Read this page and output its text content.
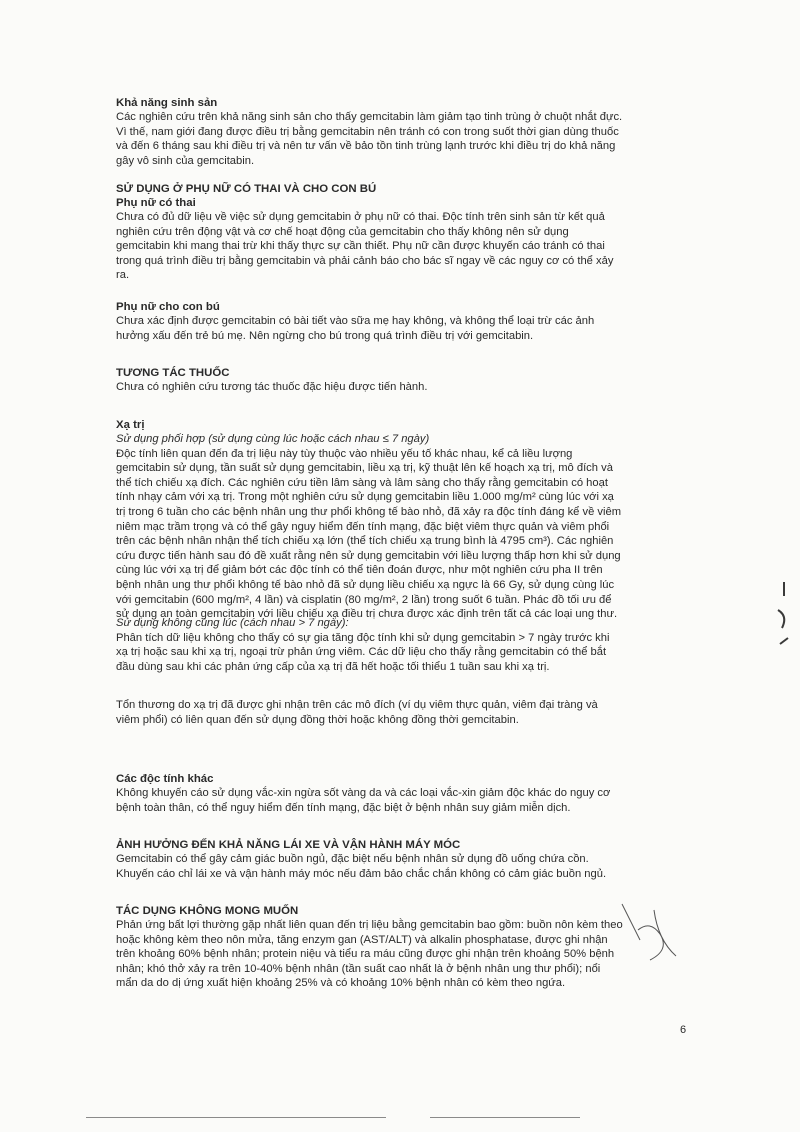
Khả năng sinh sản

Các nghiên cứu trên khả năng sinh sản cho thấy gemcitabin làm giảm tạo tinh trùng ở chuột nhắt đực.

Vì thế, nam giới đang được điều trị bằng gemcitabin nên tránh có con trong suốt thời gian dùng thuốc

và đến 6 tháng sau khi điều trị và nên tư vấn về bảo tồn tinh trùng lạnh trước khi điều trị do khả năng

gây vô sinh của gemcitabin.

SỬ DỤNG Ở PHỤ NỮ CÓ THAI VÀ CHO CON BÚ

Phụ nữ có thai

Chưa có đủ dữ liệu về việc sử dụng gemcitabin ở phụ nữ có thai. Độc tính trên sinh sản từ kết quả

nghiên cứu trên động vật và cơ chế hoạt động của gemcitabin cho thấy không nên sử dụng

gemcitabin khi mang thai trừ khi thấy thực sự cần thiết. Phụ nữ cần được khuyến cáo tránh có thai

trong quá trình điều trị bằng gemcitabin và phải cảnh báo cho bác sĩ ngay về các nguy cơ có thể xảy

ra.

Phụ nữ cho con bú

Chưa xác định được gemcitabin có bài tiết vào sữa mẹ hay không, và không thể loại trừ các ảnh

hưởng xấu đến trẻ bú mẹ. Nên ngừng cho bú trong quá trình điều trị với gemcitabin.

TƯƠNG TÁC THUỐC

Chưa có nghiên cứu tương tác thuốc đặc hiệu được tiến hành.

Xạ trị

Sử dụng phối hợp (sử dụng cùng lúc hoặc cách nhau ≤ 7 ngày)

Độc tính liên quan đến đa trị liệu này tùy thuộc vào nhiều yếu tố khác nhau, kể cả liều lượng

gemcitabin sử dụng, tần suất sử dụng gemcitabin, liều xạ trị, kỹ thuật lên kế hoạch xạ trị, mô đích và

thể tích chiếu xạ đích. Các nghiên cứu tiền lâm sàng và lâm sàng cho thấy rằng gemcitabin có hoạt

tính nhạy cảm với xạ trị. Trong một nghiên cứu sử dụng gemcitabin liều 1.000 mg/m² cùng lúc với xạ

trị trong 6 tuần cho các bệnh nhân ung thư phổi không tế bào nhỏ, đã xảy ra độc tính đáng kể về viêm

niêm mạc trầm trọng và có thể gây nguy hiểm đến tính mạng, đặc biệt viêm thực quản và viêm phổi

trên các bệnh nhân nhận thể tích chiếu xạ lớn (thể tích chiếu xạ trung bình là 4795 cm³). Các nghiên

cứu được tiến hành sau đó đề xuất rằng nên sử dụng gemcitabin với liều lượng thấp hơn khi sử dụng

cùng lúc với xạ trị để giảm bớt các độc tính có thể tiên đoán được, như một nghiên cứu pha II trên

bệnh nhân ung thư phổi không tế bào nhỏ đã sử dụng liều chiếu xạ ngực là 66 Gy, sử dụng cùng lúc

với gemcitabin (600 mg/m², 4 lần) và cisplatin (80 mg/m², 2 lần) trong suốt 6 tuần. Phác đồ tối ưu để

sử dụng an toàn gemcitabin với liều chiếu xạ điều trị chưa được xác định trên tất cả các loại ung thư.

Sử dụng không cùng lúc (cách nhau > 7 ngày):

Phân tích dữ liệu không cho thấy có sự gia tăng độc tính khi sử dụng gemcitabin > 7 ngày trước khi

xạ trị hoặc sau khi xạ trị, ngoại trừ phản ứng viêm. Các dữ liệu cho thấy rằng gemcitabin có thể bắt

đầu dùng sau khi các phản ứng cấp của xạ trị đã hết hoặc tối thiểu 1 tuần sau khi xạ trị.

Tổn thương do xạ trị đã được ghi nhận trên các mô đích (ví dụ viêm thực quản, viêm đại tràng và

viêm phổi) có liên quan đến sử dụng đồng thời hoặc không đồng thời gemcitabin.

Các độc tính khác

Không khuyến cáo sử dụng vắc-xin ngừa sốt vàng da và các loại vắc-xin giảm độc khác do nguy cơ

bệnh toàn thân, có thể nguy hiểm đến tính mạng, đặc biệt ở bệnh nhân suy giảm miễn dịch.

ẢNH HƯỞNG ĐẾN KHẢ NĂNG LÁI XE VÀ VẬN HÀNH MÁY MÓC

Gemcitabin có thể gây cảm giác buồn ngủ, đặc biệt nếu bệnh nhân sử dụng đồ uống chứa cồn.

Khuyến cáo chỉ lái xe và vận hành máy móc nếu đảm bảo chắc chắn không có cảm giác buồn ngủ.

TÁC DỤNG KHÔNG MONG MUỐN

Phản ứng bất lợi thường gặp nhất liên quan đến trị liệu bằng gemcitabin bao gồm: buồn nôn kèm theo

hoặc không kèm theo nôn mửa, tăng enzym gan (AST/ALT) và alkalin phosphatase, được ghi nhận

trên khoảng 60% bệnh nhân; protein niệu và tiểu ra máu cũng được ghi nhận trên khoảng 50% bệnh

nhân; khó thở xảy ra trên 10-40% bệnh nhân (tần suất cao nhất là ở bệnh nhân ung thư phổi); nổi

mẩn da do dị ứng xuất hiện khoảng 25% và có khoảng 10% bệnh nhân có kèm theo ngứa.

6
